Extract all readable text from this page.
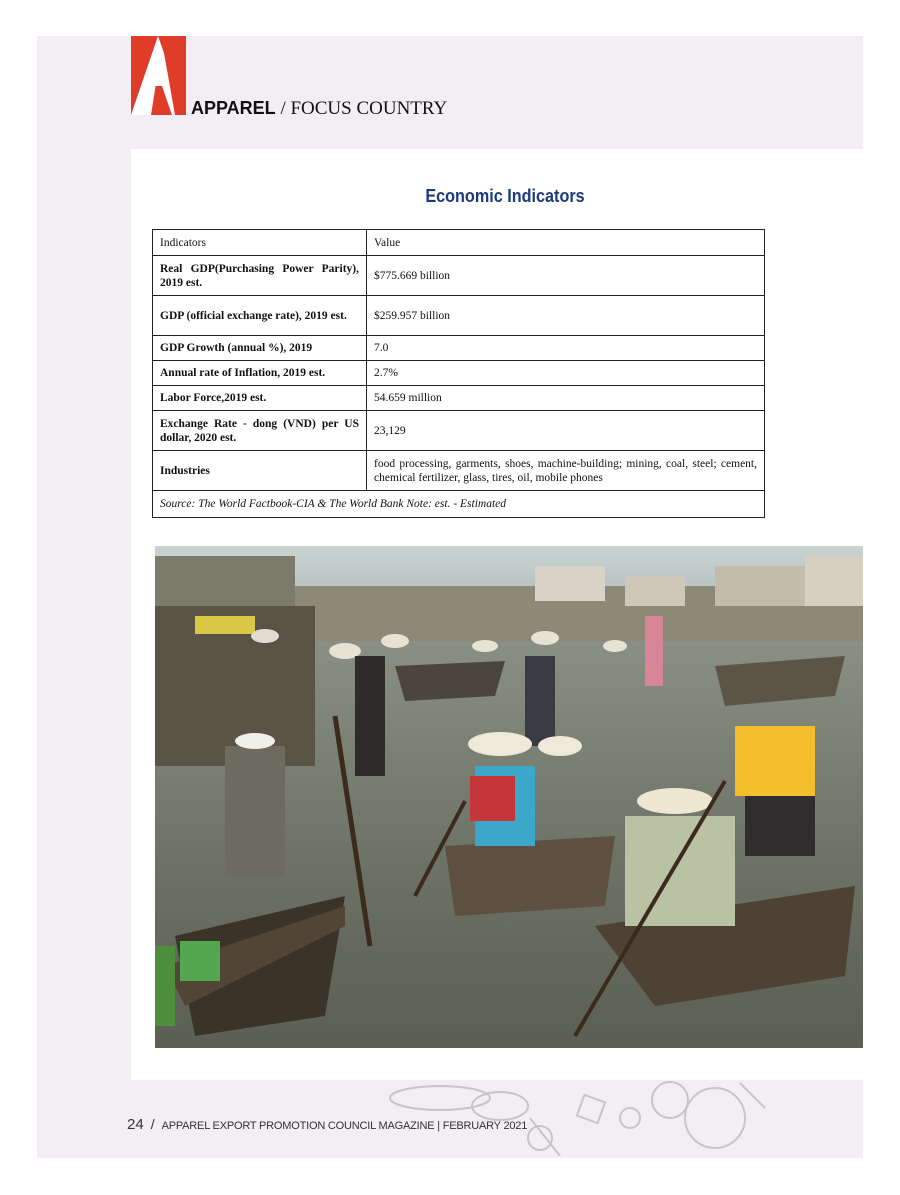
APPAREL / FOCUS COUNTRY
Economic Indicators
Indicators	Value
Real GDP(Purchasing Power Parity), 2019 est.	$775.669 billion
GDP (official exchange rate), 2019 est.	$259.957 billion
GDP Growth (annual %), 2019	7.0
Annual rate of Inflation, 2019 est.	2.7%
Labor Force,2019 est.	54.659 million
Exchange Rate - dong (VND) per US dollar, 2020 est.	23,129
Industries	food processing, garments, shoes, machine-building; mining, coal, steel; cement, chemical fertilizer, glass, tires, oil, mobile phones
Source: The World Factbook-CIA & The World Bank Note: est. - Estimated	
24 / APPAREL EXPORT PROMOTION COUNCIL MAGAZINE | FEBRUARY 2021
